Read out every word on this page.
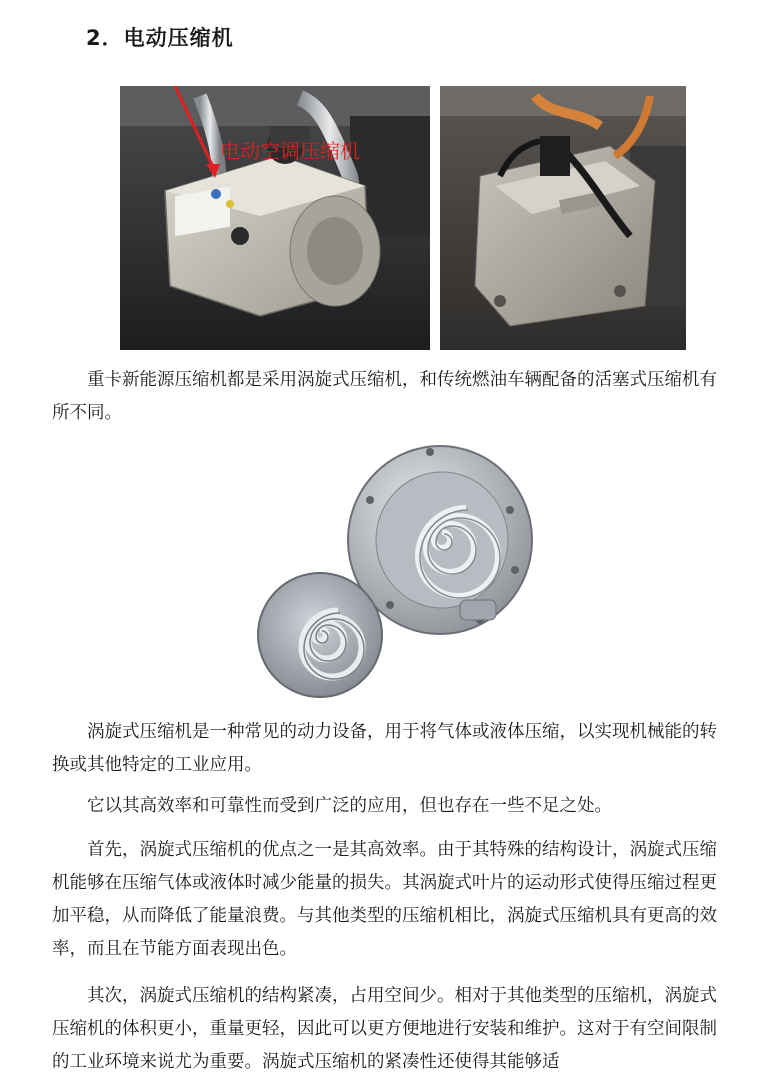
2．电动压缩机
电动空调压缩机

重卡新能源压缩机都是采用涡旋式压缩机，和传统燃油车辆配备的活塞式压缩机有所不同。

涡旋式压缩机是一种常见的动力设备，用于将气体或液体压缩，以实现机械能的转换或其他特定的工业应用。

它以其高效率和可靠性而受到广泛的应用，但也存在一些不足之处。

首先，涡旋式压缩机的优点之一是其高效率。由于其特殊的结构设计，涡旋式压缩机能够在压缩气体或液体时减少能量的损失。其涡旋式叶片的运动形式使得压缩过程更加平稳，从而降低了能量浪费。与其他类型的压缩机相比，涡旋式压缩机具有更高的效率，而且在节能方面表现出色。

其次，涡旋式压缩机的结构紧凑，占用空间少。相对于其他类型的压缩机，涡旋式压缩机的体积更小，重量更轻，因此可以更方便地进行安装和维护。这对于有空间限制的工业环境来说尤为重要。涡旋式压缩机的紧凑性还使得其能够适
